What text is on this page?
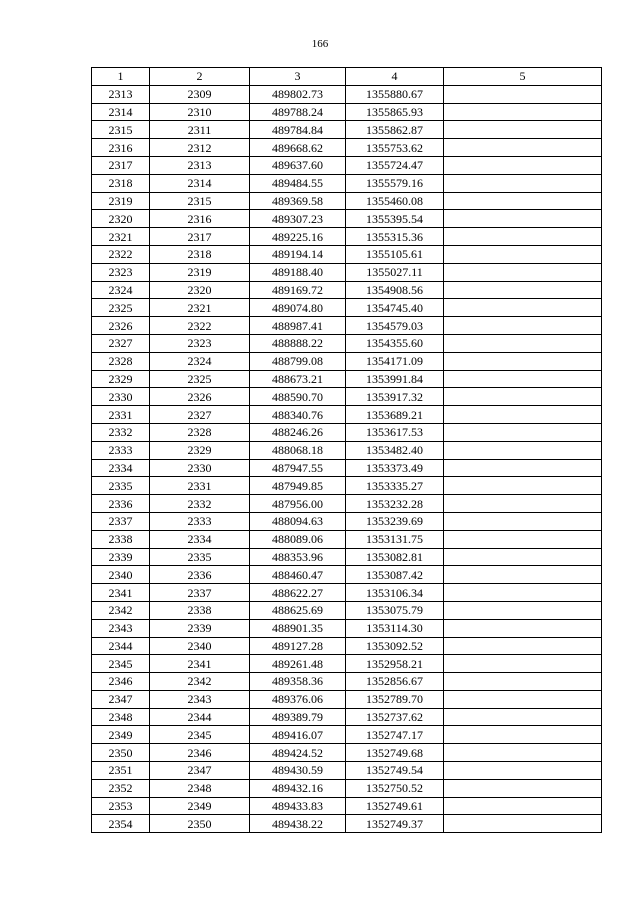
166
1	2	3	4	5
2313	2309	489802.73	1355880.67	
2314	2310	489788.24	1355865.93	
2315	2311	489784.84	1355862.87	
2316	2312	489668.62	1355753.62	
2317	2313	489637.60	1355724.47	
2318	2314	489484.55	1355579.16	
2319	2315	489369.58	1355460.08	
2320	2316	489307.23	1355395.54	
2321	2317	489225.16	1355315.36	
2322	2318	489194.14	1355105.61	
2323	2319	489188.40	1355027.11	
2324	2320	489169.72	1354908.56	
2325	2321	489074.80	1354745.40	
2326	2322	488987.41	1354579.03	
2327	2323	488888.22	1354355.60	
2328	2324	488799.08	1354171.09	
2329	2325	488673.21	1353991.84	
2330	2326	488590.70	1353917.32	
2331	2327	488340.76	1353689.21	
2332	2328	488246.26	1353617.53	
2333	2329	488068.18	1353482.40	
2334	2330	487947.55	1353373.49	
2335	2331	487949.85	1353335.27	
2336	2332	487956.00	1353232.28	
2337	2333	488094.63	1353239.69	
2338	2334	488089.06	1353131.75	
2339	2335	488353.96	1353082.81	
2340	2336	488460.47	1353087.42	
2341	2337	488622.27	1353106.34	
2342	2338	488625.69	1353075.79	
2343	2339	488901.35	1353114.30	
2344	2340	489127.28	1353092.52	
2345	2341	489261.48	1352958.21	
2346	2342	489358.36	1352856.67	
2347	2343	489376.06	1352789.70	
2348	2344	489389.79	1352737.62	
2349	2345	489416.07	1352747.17	
2350	2346	489424.52	1352749.68	
2351	2347	489430.59	1352749.54	
2352	2348	489432.16	1352750.52	
2353	2349	489433.83	1352749.61	
2354	2350	489438.22	1352749.37	
